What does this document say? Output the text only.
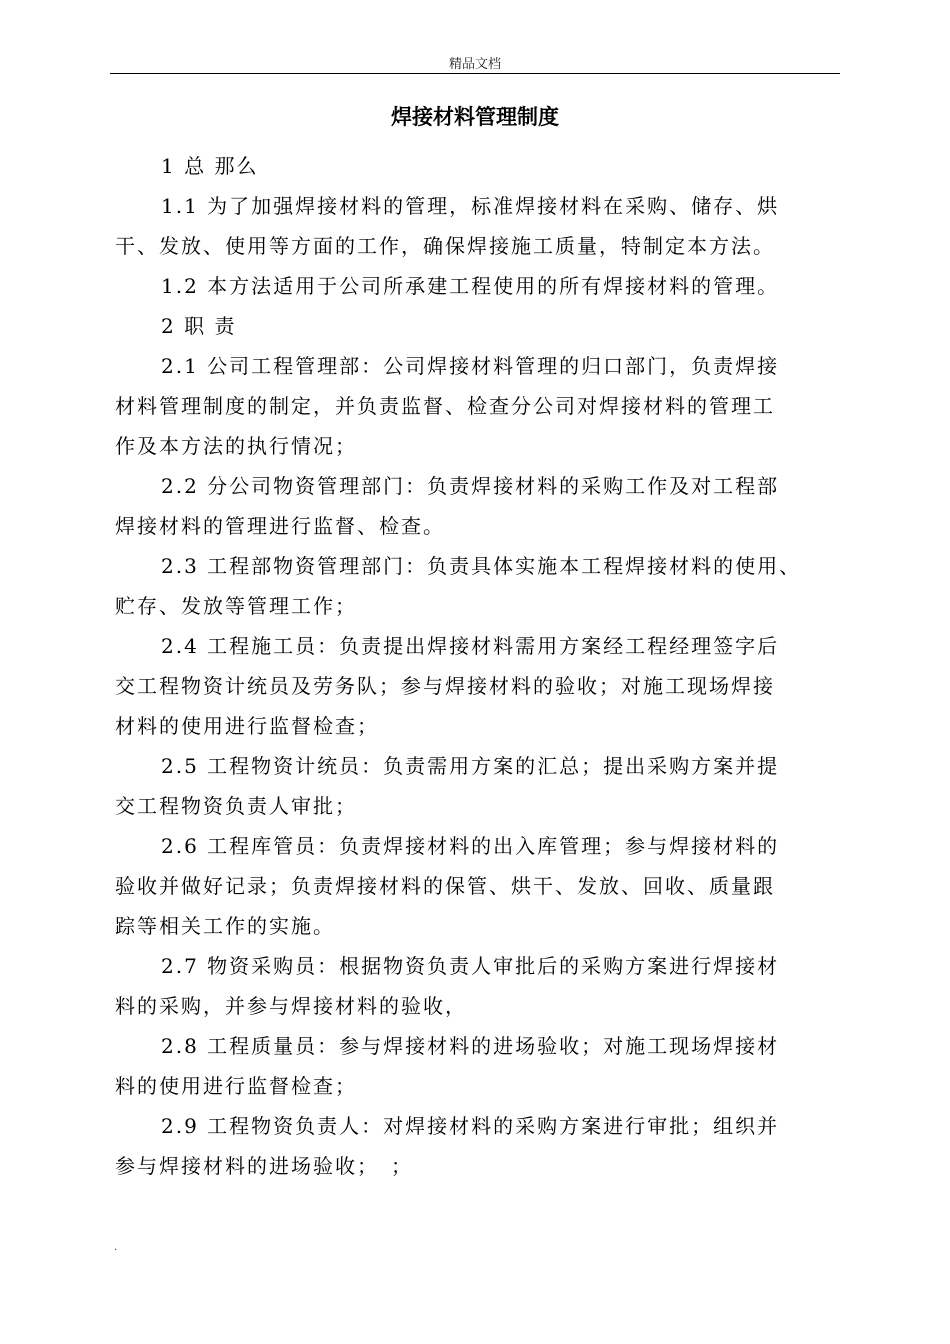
精品文档
焊接材料管理制度
1 总 那么
1.1 为了加强焊接材料的管理，标准焊接材料在采购、储存、烘
干、发放、使用等方面的工作，确保焊接施工质量，特制定本方法。
1.2 本方法适用于公司所承建工程使用的所有焊接材料的管理。
2 职 责
2.1 公司工程管理部：公司焊接材料管理的归口部门，负责焊接
材料管理制度的制定，并负责监督、检查分公司对焊接材料的管理工
作及本方法的执行情况；
2.2 分公司物资管理部门：负责焊接材料的采购工作及对工程部
焊接材料的管理进行监督、检查。
2.3 工程部物资管理部门：负责具体实施本工程焊接材料的使用、
贮存、发放等管理工作；
2.4 工程施工员：负责提出焊接材料需用方案经工程经理签字后
交工程物资计统员及劳务队；参与焊接材料的验收；对施工现场焊接
材料的使用进行监督检查；
2.5 工程物资计统员：负责需用方案的汇总；提出采购方案并提
交工程物资负责人审批；
2.6 工程库管员：负责焊接材料的出入库管理；参与焊接材料的
验收并做好记录；负责焊接材料的保管、烘干、发放、回收、质量跟
踪等相关工作的实施。
2.7 物资采购员：根据物资负责人审批后的采购方案进行焊接材
料的采购，并参与焊接材料的验收，
2.8 工程质量员：参与焊接材料的进场验收；对施工现场焊接材
料的使用进行监督检查；
2.9 工程物资负责人：对焊接材料的采购方案进行审批；组织并
参与焊接材料的进场验收；　；
.
